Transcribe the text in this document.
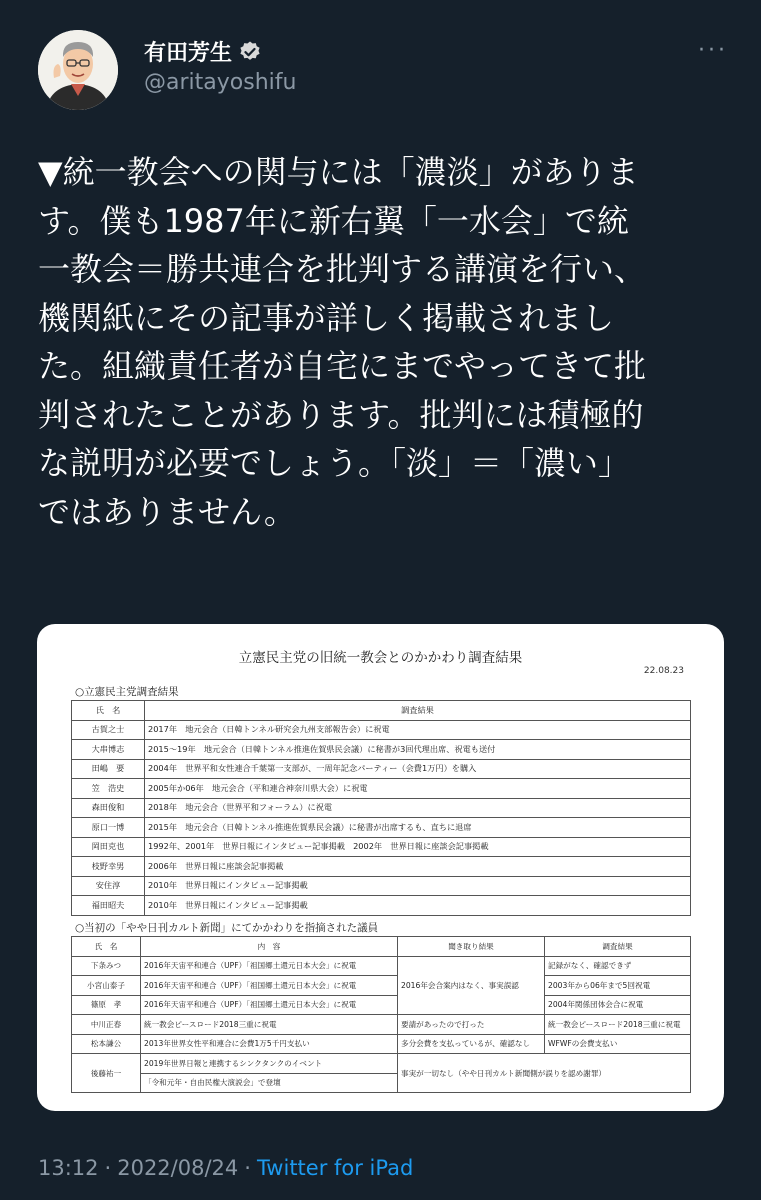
有田芳生
@aritayoshifu
···

▼統一教会への関与には「濃淡」がありま
す。僕も1987年に新右翼「一水会」で統
一教会＝勝共連合を批判する講演を行い、
機関紙にその記事が詳しく掲載されまし
た。組織責任者が自宅にまでやってきて批
判されたことがあります。批判には積極的
な説明が必要でしょう。「淡」＝「濃い」
ではありません。

立憲民主党の旧統一教会とのかかわり調査結果
22.08.23
○立憲民主党調査結果
氏　名	調査結果
古賀之士	2017年　地元会合（日韓トンネル研究会九州支部報告会）に祝電
大串博志	2015～19年　地元会合（日韓トンネル推進佐賀県民会議）に秘書が3回代理出席、祝電も送付
田嶋　要	2004年　世界平和女性連合千葉第一支部が、一周年記念パーティー（会費1万円）を購入
笠　浩史	2005年か06年　地元会合（平和連合神奈川県大会）に祝電
森田俊和	2018年　地元会合（世界平和フォーラム）に祝電
原口一博	2015年　地元会合（日韓トンネル推進佐賀県民会議）に秘書が出席するも、直ちに退席
岡田克也	1992年、2001年　世界日報にインタビュー記事掲載　2002年　世界日報に座談会記事掲載
枝野幸男	2006年　世界日報に座談会記事掲載
安住淳	2010年　世界日報にインタビュー記事掲載
福田昭夫	2010年　世界日報にインタビュー記事掲載
○当初の「やや日刊カルト新聞」にてかかわりを指摘された議員
氏　名	内　容	聞き取り結果	調査結果
下条みつ	2016年天宙平和連合（UPF）「祖国郷土還元日本大会」に祝電	2016年会合案内はなく、事実誤認	記録がなく、確認できず
小宮山泰子	2016年天宙平和連合（UPF）「祖国郷土還元日本大会」に祝電		2003年から06年まで5回祝電
篠原　孝	2016年天宙平和連合（UPF）「祖国郷土還元日本大会」に祝電		2004年関係団体会合に祝電
中川正春	統一教会ピースロード2018三重に祝電	要請があったので打った	統一教会ピースロード2018三重に祝電
松本謙公	2013年世界女性平和連合に会費1万5千円支払い	多分会費を支払っているが、確認なし	WFWFの会費支払い
後藤祐一	2019年世界日報と連携するシンクタンクのイベント	事実が一切なし（やや日刊カルト新聞側が誤りを認め謝罪）	
	「令和元年・自由民権大演説会」で登壇		
13:12 · 2022/08/24 · Twitter for iPad
